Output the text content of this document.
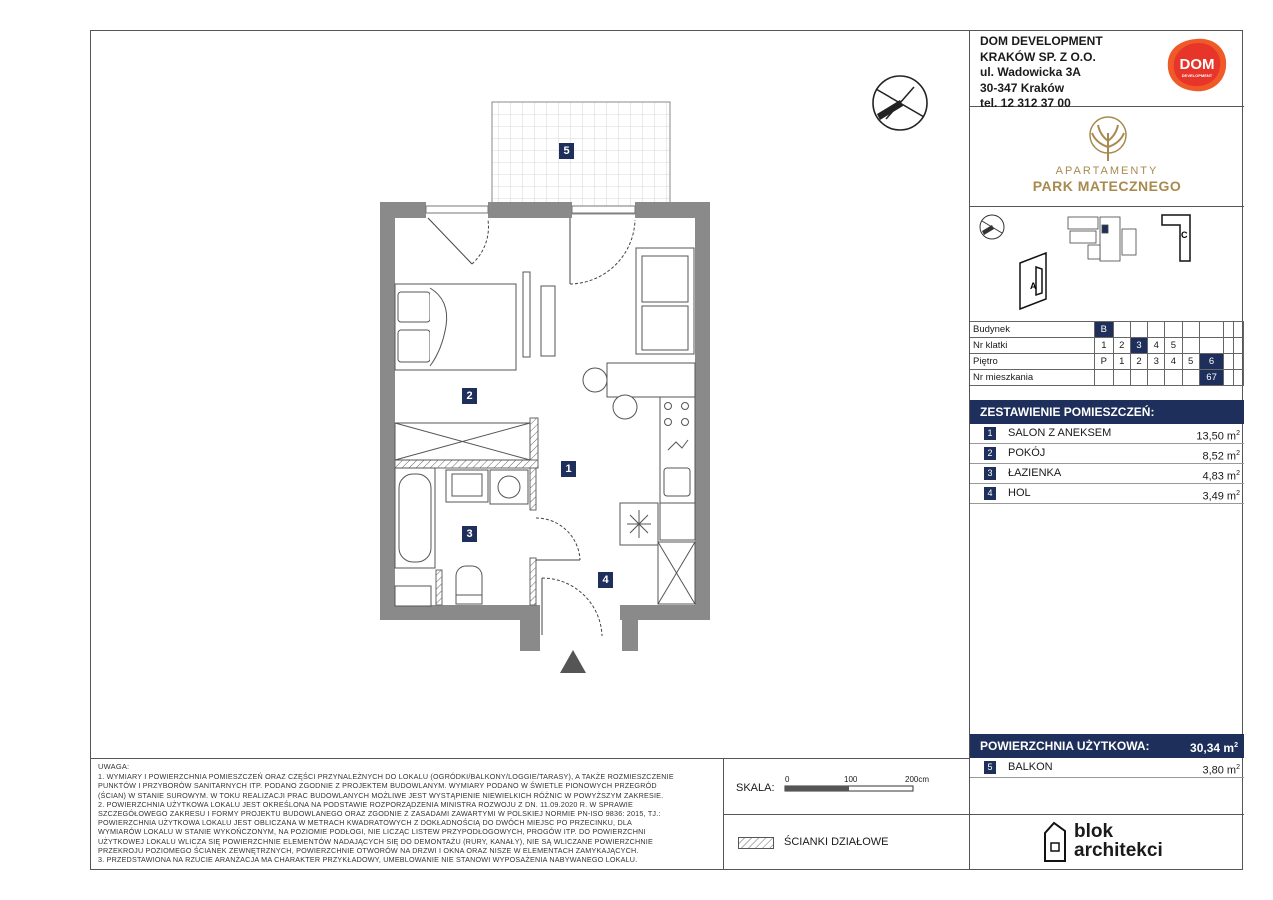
5
2
1
3
4
UWAGA:
1. WYMIARY I POWIERZCHNIA POMIESZCZEŃ ORAZ CZĘŚCI PRZYNALEŻNYCH DO LOKALU (OGRÓDKI/BALKONY/LOGGIE/TARASY), A TAKŻE ROZMIESZCZENIE
PUNKTÓW I PRZYBORÓW SANITARNYCH ITP. PODANO ZGODNIE Z PROJEKTEM BUDOWLANYM. WYMIARY PODANO W ŚWIETLE PIONOWYCH PRZEGRÓD
(ŚCIAN) W STANIE SUROWYM. W TOKU REALIZACJI PRAC BUDOWLANYCH MOŻLIWE JEST WYSTĄPIENIE NIEWIELKICH RÓŻNIC W POWYŻSZYM ZAKRESIE.
2. POWIERZCHNIA UŻYTKOWA LOKALU JEST OKREŚLONA NA PODSTAWIE ROZPORZĄDZENIA MINISTRA ROZWOJU Z DN. 11.09.2020 R. W SPRAWIE
SZCZEGÓŁOWEGO ZAKRESU I FORMY PROJEKTU BUDOWLANEGO ORAZ ZGODNIE Z ZASADAMI ZAWARTYMI W POLSKIEJ NORMIE PN-ISO 9836: 2015, TJ.:
POWIERZCHNIA UŻYTKOWA LOKALU JEST OBLICZANA W METRACH KWADRATOWYCH Z DOKŁADNOŚCIĄ DO DWÓCH MIEJSC PO PRZECINKU, DLA
WYMIARÓW LOKALU W STANIE WYKOŃCZONYM, NA POZIOMIE PODŁOGI, NIE LICZĄC LISTEW PRZYPODŁOGOWYCH, PROGÓW ITP. DO POWIERZCHNI
UŻYTKOWEJ LOKALU WLICZA SIĘ POWIERZCHNIE ELEMENTÓW NADAJĄCYCH SIĘ DO DEMONTAŻU (RURY, KANAŁY), NIE SĄ WLICZANE POWIERZCHNIE
PRZEKROJU POZIOMEGO ŚCIANEK ZEWNĘTRZNYCH, POWIERZCHNIE OTWORÓW NA DRZWI I OKNA ORAZ NISZE W ELEMENTACH ZAMYKAJĄCYCH.
3. PRZEDSTAWIONA NA RZUCIE ARANŻACJA MA CHARAKTER PRZYKŁADOWY, UMEBLOWANIE NIE STANOWI WYPOSAŻENIA NABYWANEGO LOKALU.
SKALA:
0	100	200cm
ŚCIANKI DZIAŁOWE
DOM DEVELOPMENT
KRAKÓW SP. Z O.O.
ul. Wadowicka 3A
30-347 Kraków
tel. 12 312 37 00
DOM
DEVELOPMENT
APARTAMENTY
PARK MATECZNEGO
C
A
Budynek	B								
Nr klatki	1	2	3	4	5				
Piętro	P	1	2	3	4	5	6		
Nr mieszkania							67		
ZESTAWIENIE POMIESZCZEŃ:
1	SALON Z ANEKSEM	13,50 $m^2$
2	POKÓJ	8,52 $m^2$
3	ŁAZIENKA	4,83 $m^2$
4	HOL	3,49 $m^2$
POWIERZCHNIA UŻYTKOWA:	30,34 $m^2$
5	BALKON	3,80 $m^2$
blok
architekci
